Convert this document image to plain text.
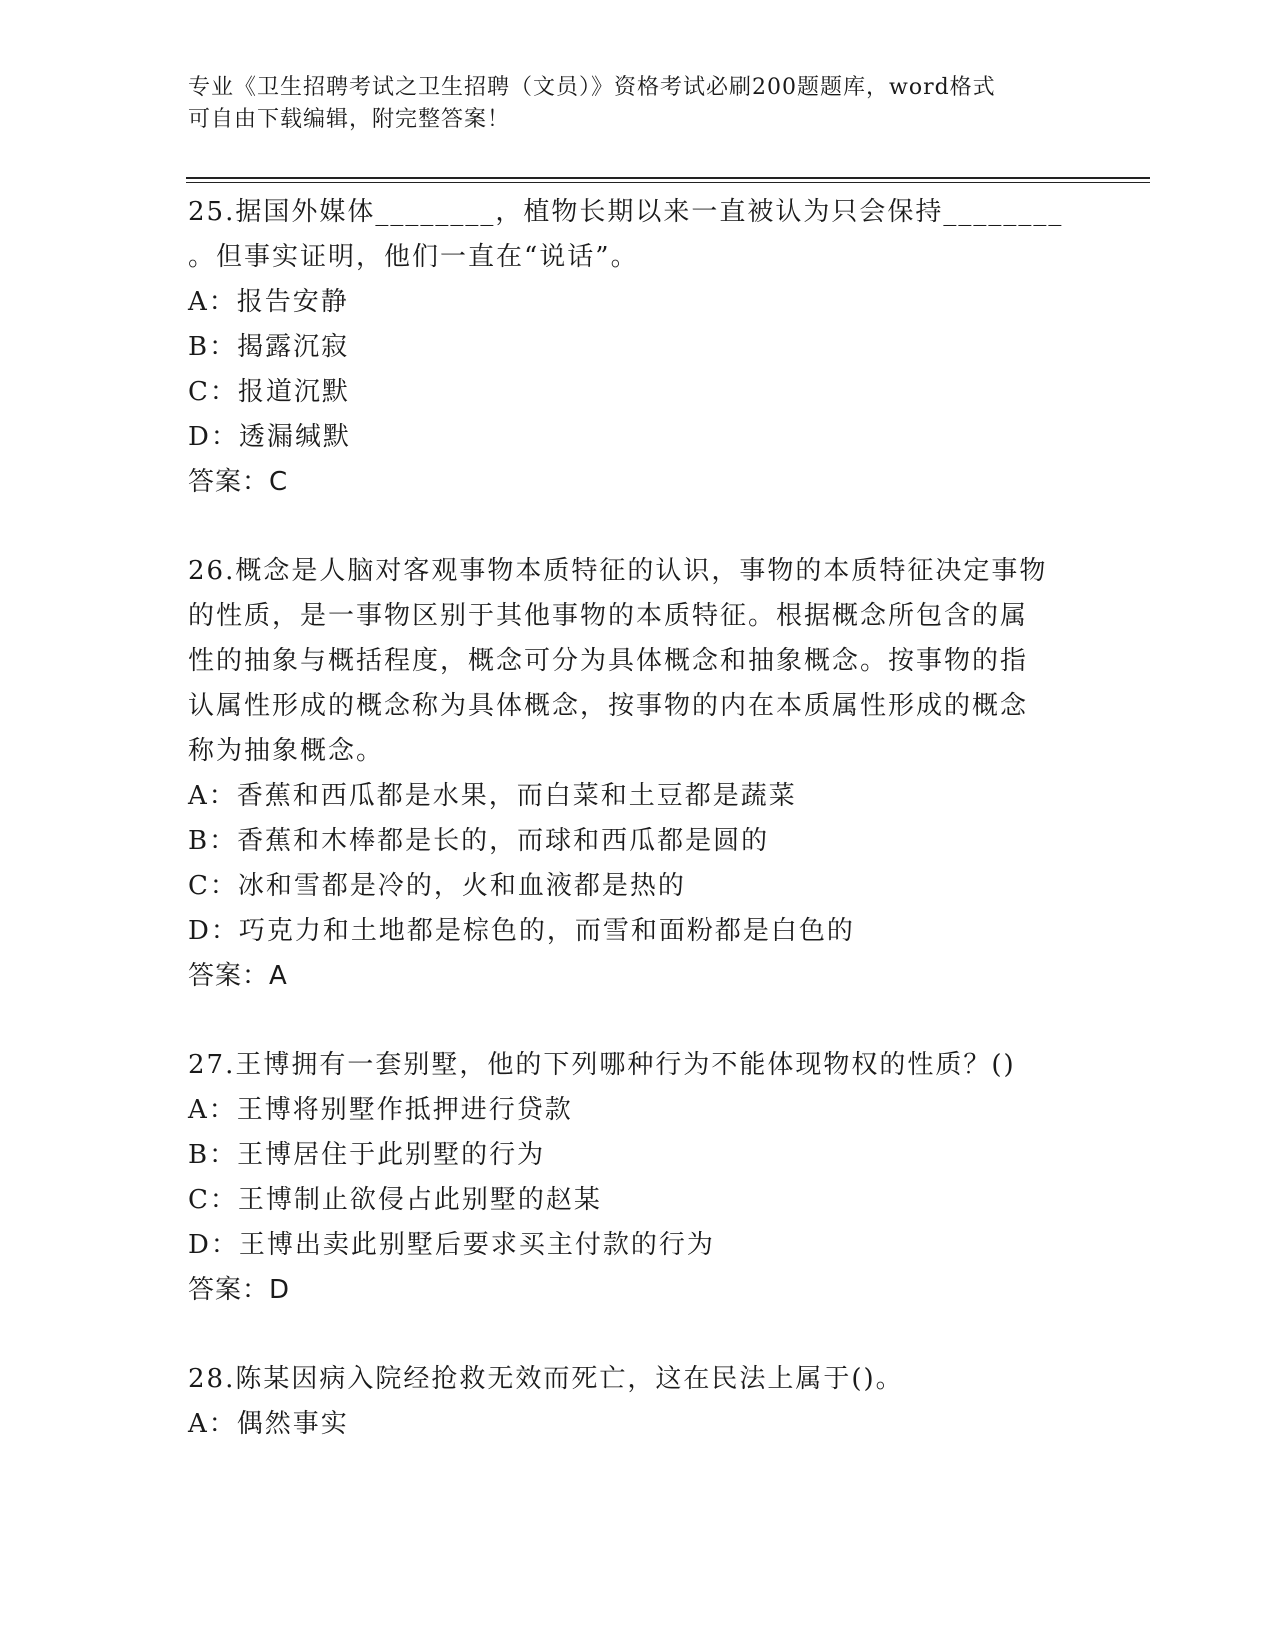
专业《卫生招聘考试之卫生招聘（文员）》资格考试必刷200题题库，word格式
可自由下载编辑，附完整答案！
25.据国外媒体________，植物长期以来一直被认为只会保持________
。但事实证明，他们一直在“说话”。
A：报告安静
B：揭露沉寂
C：报道沉默
D：透漏缄默
答案：C
26.概念是人脑对客观事物本质特征的认识，事物的本质特征决定事物
的性质，是一事物区别于其他事物的本质特征。根据概念所包含的属
性的抽象与概括程度，概念可分为具体概念和抽象概念。按事物的指
认属性形成的概念称为具体概念，按事物的内在本质属性形成的概念
称为抽象概念。
A：香蕉和西瓜都是水果，而白菜和土豆都是蔬菜
B：香蕉和木棒都是长的，而球和西瓜都是圆的
C：冰和雪都是冷的，火和血液都是热的
D：巧克力和土地都是棕色的，而雪和面粉都是白色的
答案：A
27.王博拥有一套别墅，他的下列哪种行为不能体现物权的性质？()
A：王博将别墅作抵押进行贷款
B：王博居住于此别墅的行为
C：王博制止欲侵占此别墅的赵某
D：王博出卖此别墅后要求买主付款的行为
答案：D
28.陈某因病入院经抢救无效而死亡，这在民法上属于()。
A：偶然事实
